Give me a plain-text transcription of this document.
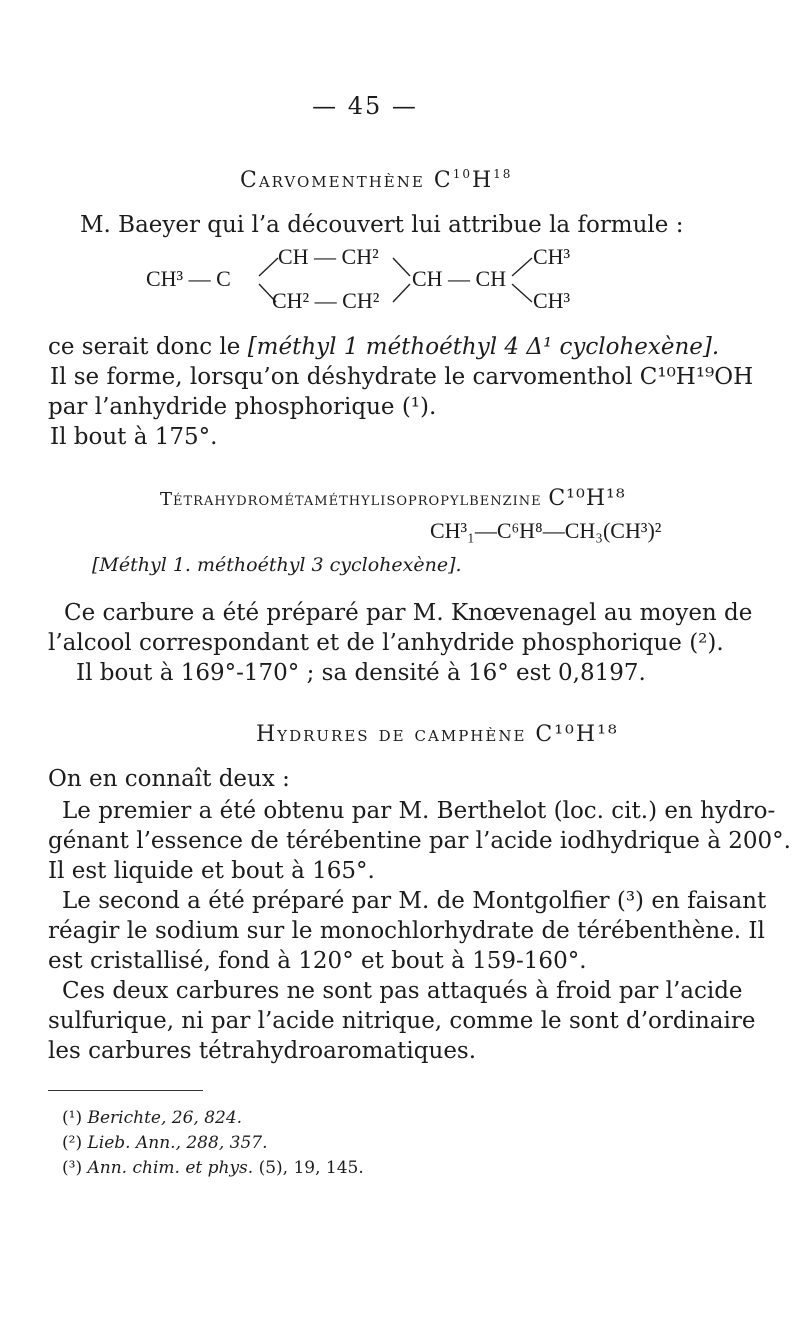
— 45 —
Carvomenthène $C^{10}H^{18}$
M. Baeyer qui l’a découvert lui attribue la formule :
CH³ — C
CH — CH²
CH² — CH²
CH — CH
CH³
CH³
ce serait donc le [méthyl 1 méthoéthyl 4 Δ¹ cyclohexène].
Il se forme, lorsqu’on déshydrate le carvomenthol C¹⁰H¹⁹OH
par l’anhydride phosphorique (¹).
Il bout à 175°.
Tétrahydrométaméthylisopropylbenzine C¹⁰H¹⁸
CH³₁—C⁶H⁸—CH₃(CH³)²
[Méthyl 1. méthoéthyl 3 cyclohexène].
Ce carbure a été préparé par M. Knœvenagel au moyen de
l’alcool correspondant et de l’anhydride phosphorique (²).
Il bout à 169°-170° ; sa densité à 16° est 0,8197.
Hydrures de camphène C¹⁰H¹⁸
On en connaît deux :
Le premier a été obtenu par M. Berthelot (loc. cit.) en hydro-
génant l’essence de térébentine par l’acide iodhydrique à 200°.
Il est liquide et bout à 165°.
Le second a été préparé par M. de Montgolfier (³) en faisant
réagir le sodium sur le monochlorhydrate de térébenthène. Il
est cristallisé, fond à 120° et bout à 159-160°.
Ces deux carbures ne sont pas attaqués à froid par l’acide
sulfurique, ni par l’acide nitrique, comme le sont d’ordinaire
les carbures tétrahydroaromatiques.
(¹) Berichte, 26, 824.
(²) Lieb. Ann., 288, 357.
(³) Ann. chim. et phys. (5), 19, 145.
